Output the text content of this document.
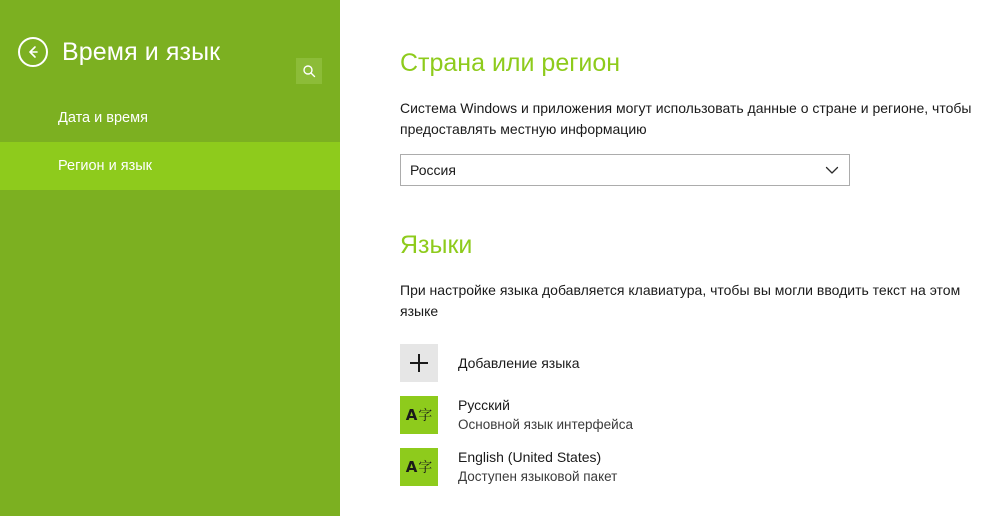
Время и язык
Дата и время
Регион и язык
Страна или регион

Система Windows и приложения могут использовать данные о стране и регионе, чтобы предоставлять местную информацию

Россия
Языки

При настройке языка добавляется клавиатура, чтобы вы могли вводить текст на этом языке

Добавление языка
A 字
Русский
Основной язык интерфейса
A 字
English (United States)
Доступен языковой пакет
